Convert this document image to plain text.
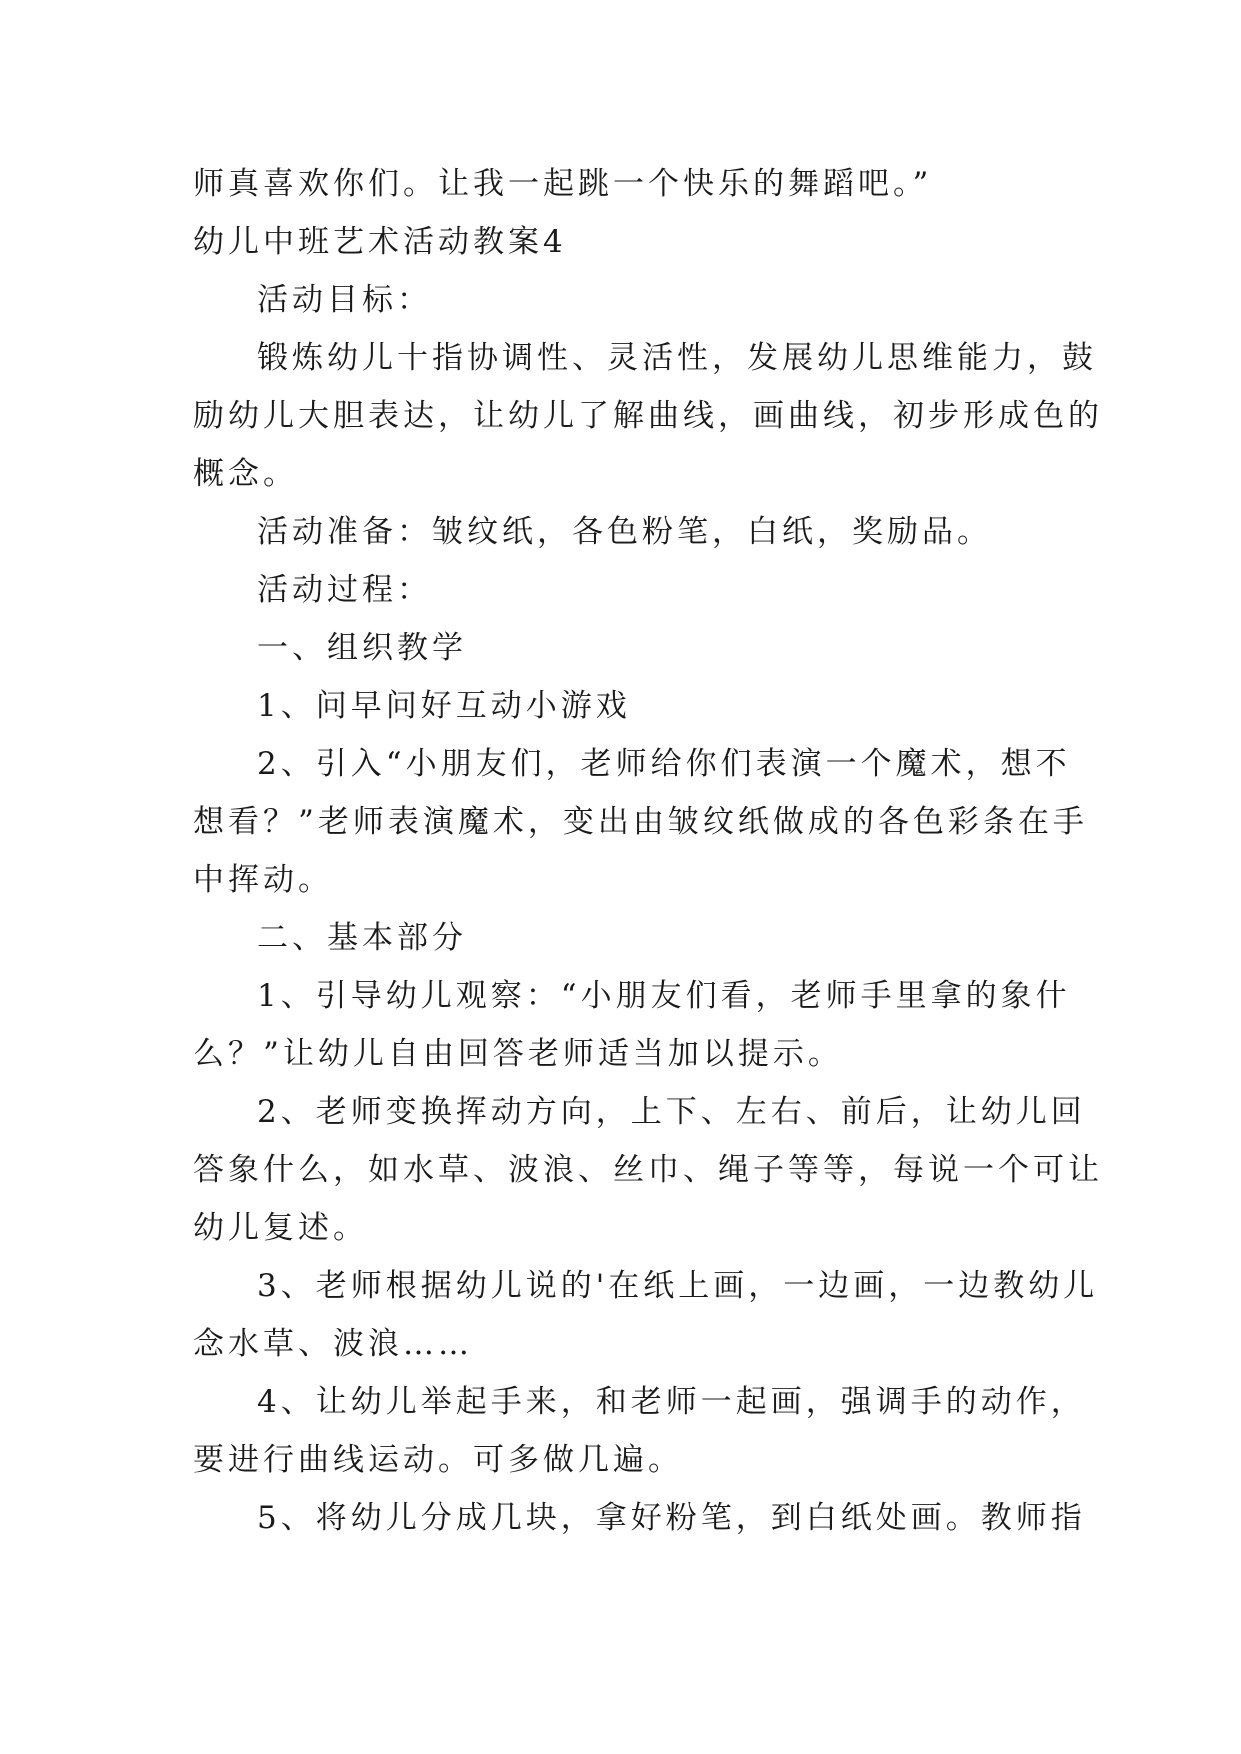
师真喜欢你们。让我一起跳一个快乐的舞蹈吧。”
幼儿中班艺术活动教案4
活动目标：
锻炼幼儿十指协调性、灵活性，发展幼儿思维能力，鼓
励幼儿大胆表达，让幼儿了解曲线，画曲线，初步形成色的
概念。
活动准备：皱纹纸，各色粉笔，白纸，奖励品。
活动过程：
一、组织教学
1、问早问好互动小游戏
2、引入“小朋友们，老师给你们表演一个魔术，想不
想看？”老师表演魔术，变出由皱纹纸做成的各色彩条在手
中挥动。
二、基本部分
1、引导幼儿观察：“小朋友们看，老师手里拿的象什
么？”让幼儿自由回答老师适当加以提示。
2、老师变换挥动方向，上下、左右、前后，让幼儿回
答象什么，如水草、波浪、丝巾、绳子等等，每说一个可让
幼儿复述。
3、老师根据幼儿说的'在纸上画，一边画，一边教幼儿
念水草、波浪……
4、让幼儿举起手来，和老师一起画，强调手的动作，
要进行曲线运动。可多做几遍。
5、将幼儿分成几块，拿好粉笔，到白纸处画。教师指
